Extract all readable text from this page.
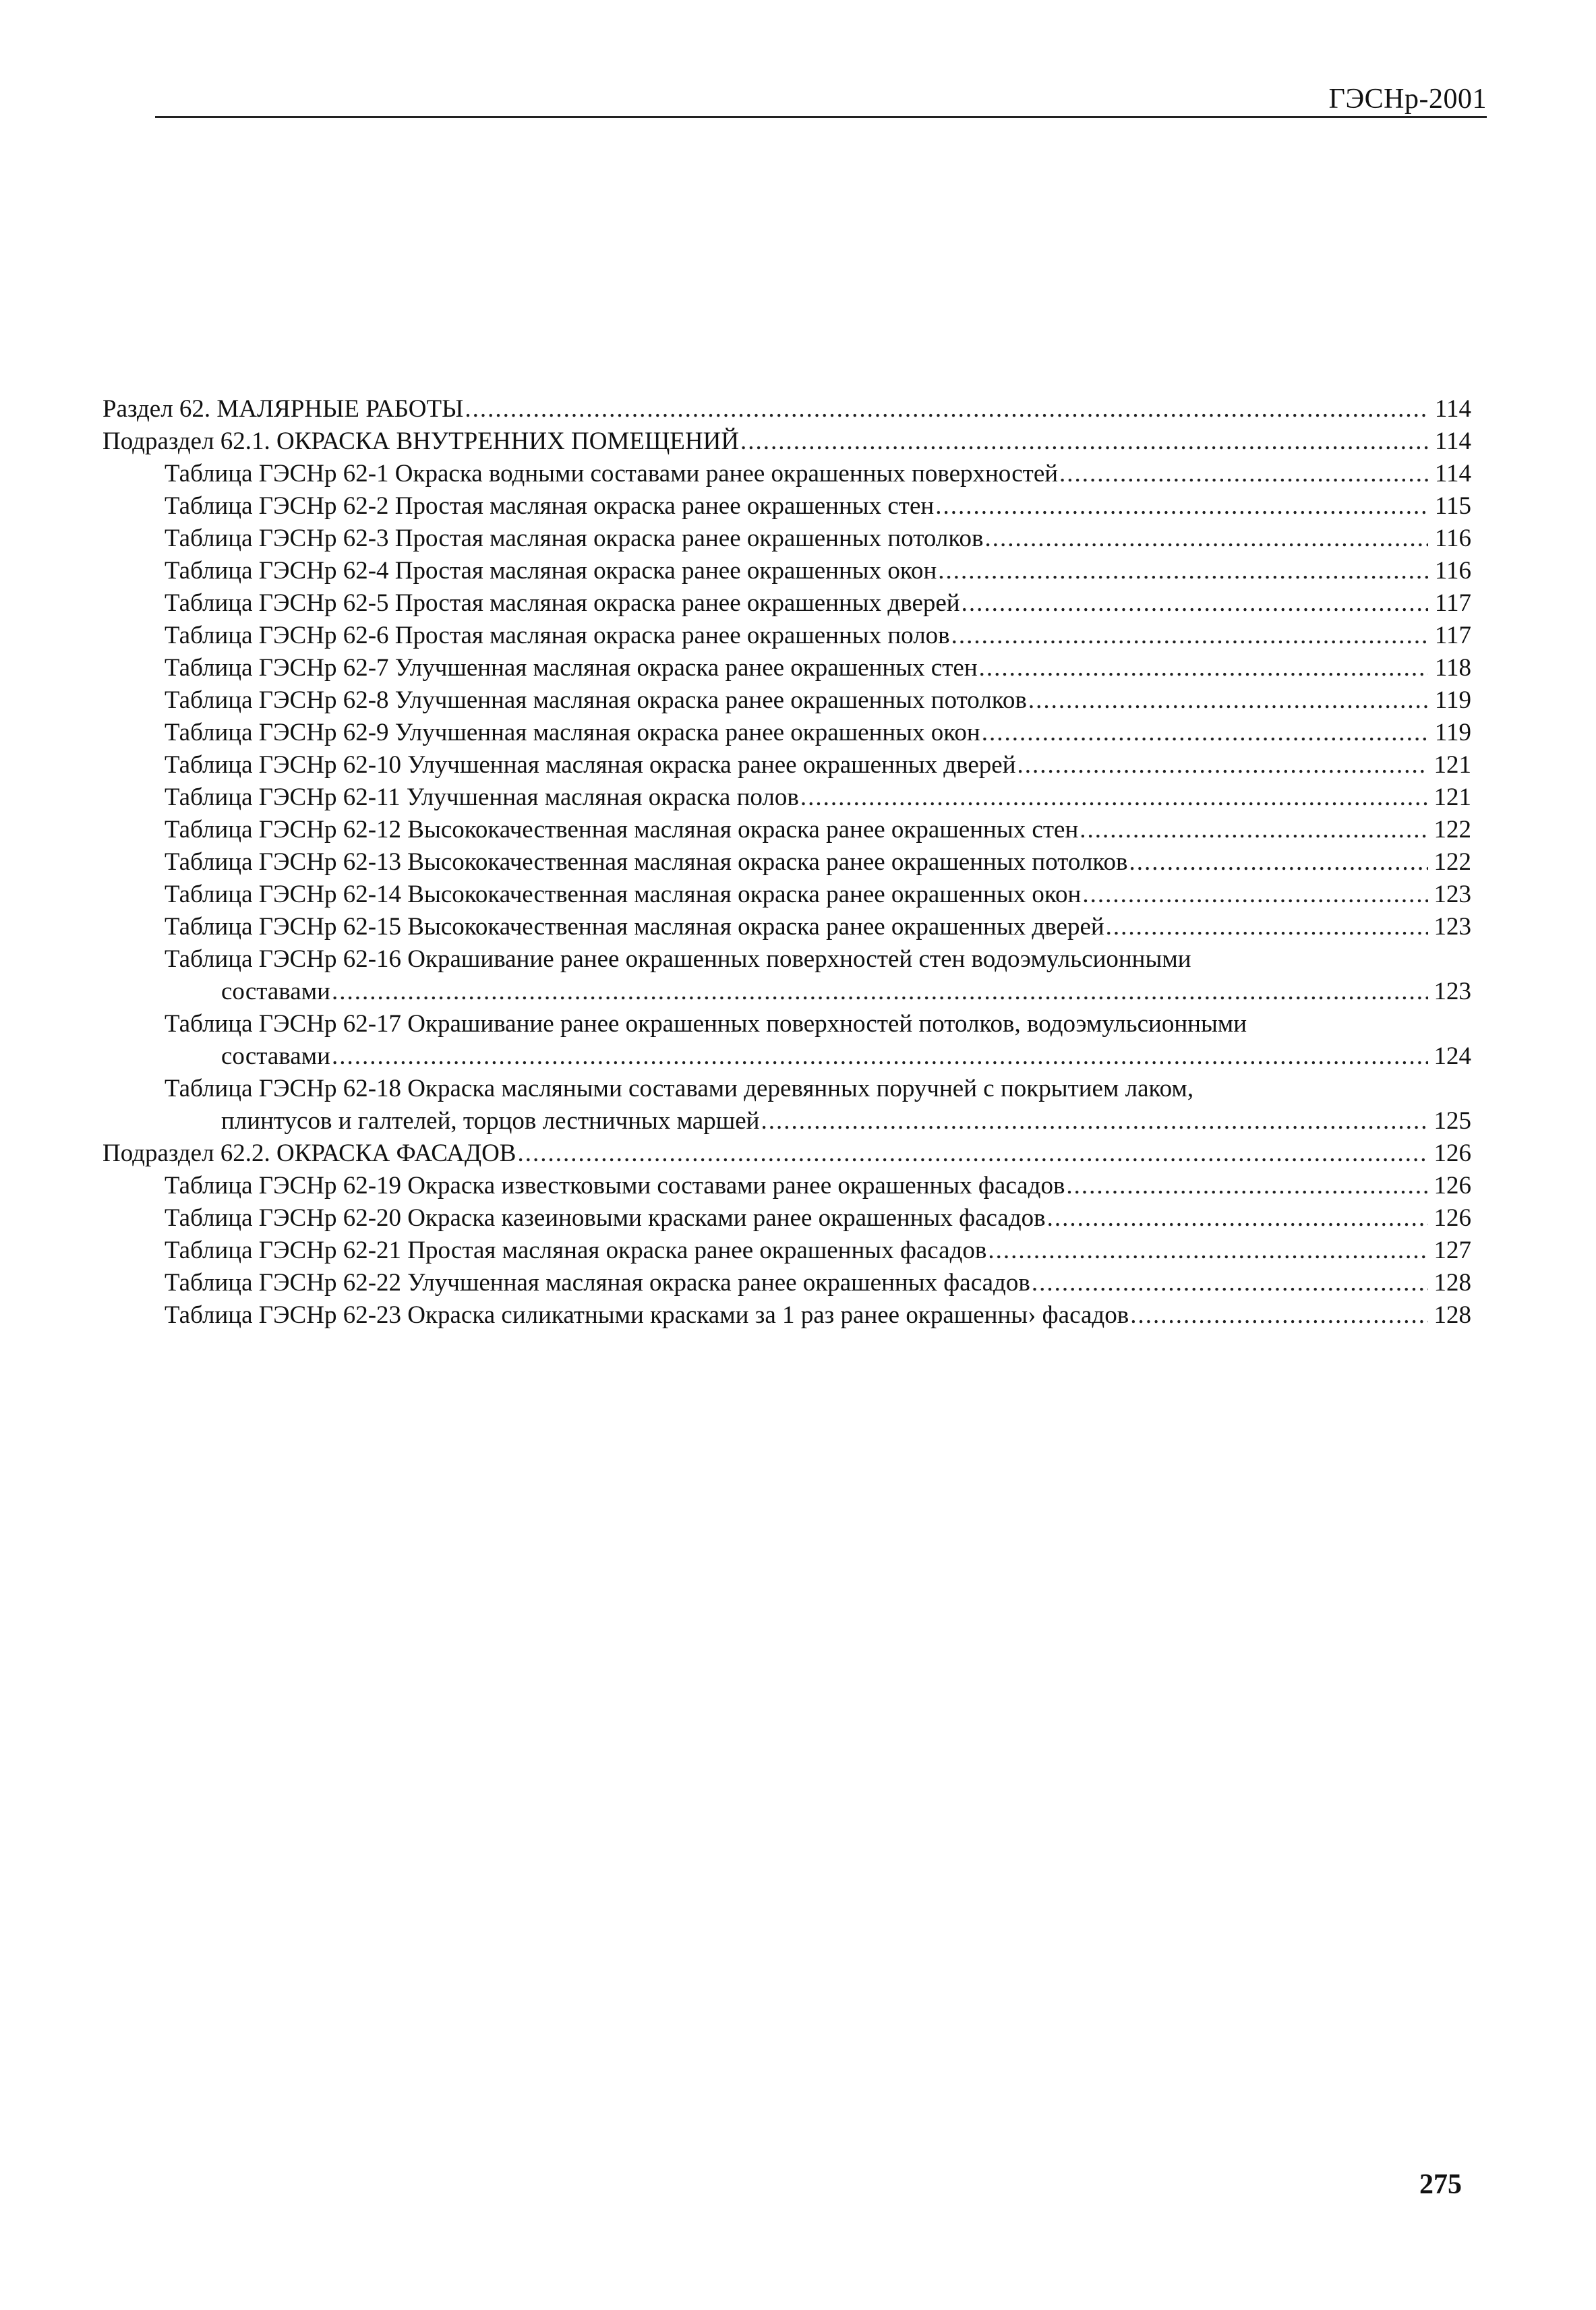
ГЭСНр-2001
Раздел 62. МАЛЯРНЫЕ РАБОТЫ .....	114
Подраздел 62.1. ОКРАСКА ВНУТРЕННИХ ПОМЕЩЕНИЙ .....	114
Таблица ГЭСНр 62-1 Окраска водными составами ранее окрашенных поверхностей .....	114
Таблица ГЭСНр 62-2 Простая масляная окраска ранее окрашенных стен .....	115
Таблица ГЭСНр 62-3 Простая масляная окраска ранее окрашенных потолков .....	116
Таблица ГЭСНр 62-4 Простая масляная окраска ранее окрашенных окон .....	116
Таблица ГЭСНр 62-5 Простая масляная окраска ранее окрашенных дверей .....	117
Таблица ГЭСНр 62-6 Простая масляная окраска ранее окрашенных полов .....	117
Таблица ГЭСНр 62-7 Улучшенная масляная окраска ранее окрашенных стен .....	118
Таблица ГЭСНр 62-8 Улучшенная масляная окраска ранее окрашенных потолков .....	119
Таблица ГЭСНр 62-9 Улучшенная масляная окраска ранее окрашенных окон .....	119
Таблица ГЭСНр 62-10 Улучшенная масляная окраска ранее окрашенных дверей .....	121
Таблица ГЭСНр 62-11 Улучшенная масляная окраска полов .....	121
Таблица ГЭСНр 62-12 Высококачественная масляная окраска ранее окрашенных стен .....	122
Таблица ГЭСНр 62-13 Высококачественная масляная окраска ранее окрашенных потолков .....	122
Таблица ГЭСНр 62-14 Высококачественная масляная окраска ранее окрашенных окон .....	123
Таблица ГЭСНр 62-15 Высококачественная масляная окраска ранее окрашенных дверей .....	123
Таблица ГЭСНр 62-16 Окрашивание ранее окрашенных поверхностей стен водоэмульсионными
составами .....	123
Таблица ГЭСНр 62-17 Окрашивание ранее окрашенных поверхностей потолков, водоэмульсионными
составами .....	124
Таблица ГЭСНр 62-18 Окраска масляными составами деревянных поручней с покрытием лаком,
плинтусов и галтелей, торцов лестничных маршей .....	125
Подраздел 62.2. ОКРАСКА ФАСАДОВ .....	126
Таблица ГЭСНр 62-19 Окраска известковыми составами ранее окрашенных фасадов .....	126
Таблица ГЭСНр 62-20 Окраска казеиновыми красками ранее окрашенных фасадов .....	126
Таблица ГЭСНр 62-21 Простая масляная окраска ранее окрашенных фасадов .....	127
Таблица ГЭСНр 62-22 Улучшенная масляная окраска ранее окрашенных фасадов .....	128
Таблица ГЭСНр 62-23 Окраска силикатными красками за 1 раз ранее окрашенны› фасадов .....	128
275
